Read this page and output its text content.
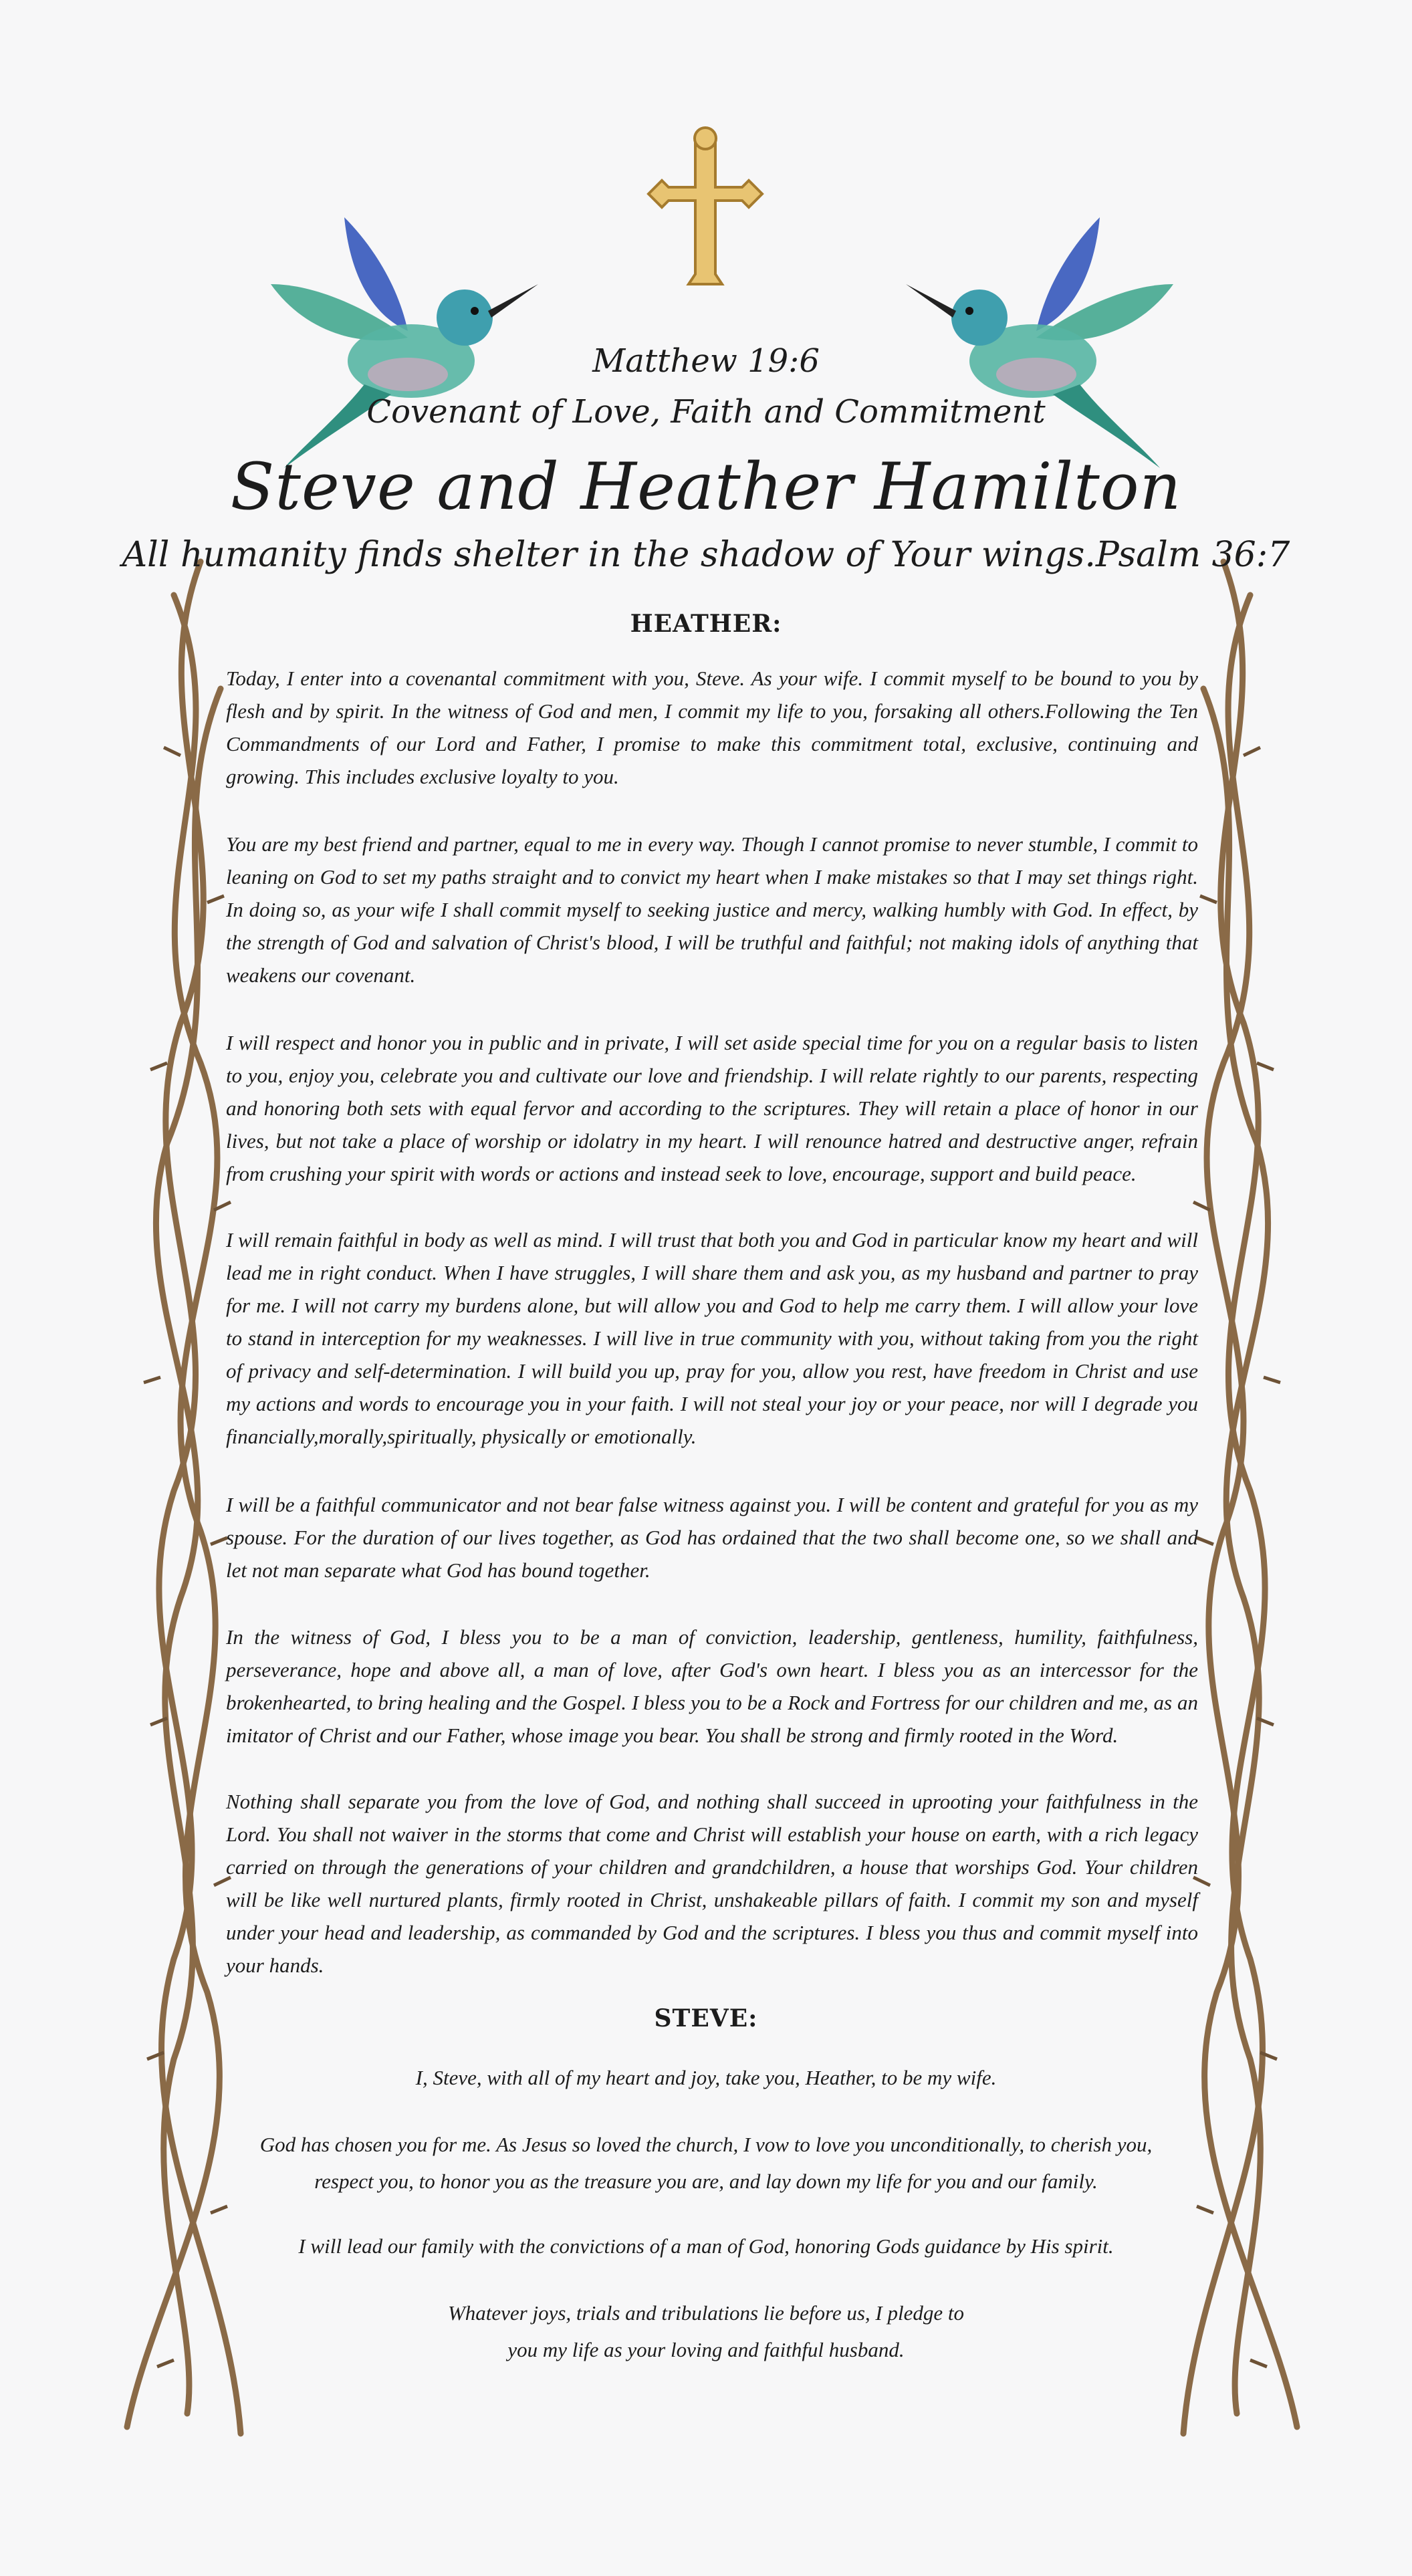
Matthew 19:6
Covenant of Love, Faith and Commitment
Steve and Heather Hamilton
All humanity finds shelter in the shadow of Your wings.Psalm 36:7
HEATHER:

Today, I enter into a covenantal commitment with you, Steve. As your wife. I commit myself to be bound to you by flesh and by spirit. In the witness of God and men, I commit my life to you, forsaking all others.Following the Ten Commandments of our Lord and Father, I promise to make this commitment total, exclusive, continuing and growing. This includes exclusive loyalty to you.

You are my best friend and partner, equal to me in every way. Though I cannot promise to never stumble, I commit to leaning on God to set my paths straight and to convict my heart when I make mistakes so that I may set things right. In doing so, as your wife I shall commit myself to seeking justice and mercy, walking humbly with God. In effect, by the strength of God and salvation of Christ's blood, I will be truthful and faithful; not making idols of anything that weakens our covenant.

I will respect and honor you in public and in private, I will set aside special time for you on a regular basis to listen to you, enjoy you, celebrate you and cultivate our love and friendship. I will relate rightly to our parents, respecting and honoring both sets with equal fervor and according to the scriptures. They will retain a place of honor in our lives, but not take a place of worship or idolatry in my heart. I will renounce hatred and destructive anger, refrain from crushing your spirit with words or actions and instead seek to love, encourage, support and build peace.

I will remain faithful in body as well as mind. I will trust that both you and God in particular know my heart and will lead me in right conduct. When I have struggles, I will share them and ask you, as my husband and partner to pray for me. I will not carry my burdens alone, but will allow you and God to help me carry them. I will allow your love to stand in interception for my weaknesses. I will live in true community with you, without taking from you the right of privacy and self-determination. I will build you up, pray for you, allow you rest, have freedom in Christ and use my actions and words to encourage you in your faith. I will not steal your joy or your peace, nor will I degrade you financially,morally,spiritually, physically or emotionally.

I will be a faithful communicator and not bear false witness against you. I will be content and grateful for you as my spouse. For the duration of our lives together, as God has ordained that the two shall become one, so we shall and let not man separate what God has bound together.

In the witness of God, I bless you to be a man of conviction, leadership, gentleness, humility, faithfulness, perseverance, hope and above all, a man of love, after God's own heart. I bless you as an intercessor for the brokenhearted, to bring healing and the Gospel. I bless you to be a Rock and Fortress for our children and me, as an imitator of Christ and our Father, whose image you bear. You shall be strong and firmly rooted in the Word.

Nothing shall separate you from the love of God, and nothing shall succeed in uprooting your faithfulness in the Lord. You shall not waiver in the storms that come and Christ will establish your house on earth, with a rich legacy carried on through the generations of your children and grandchildren, a house that worships God. Your children will be like well nurtured plants, firmly rooted in Christ, unshakeable pillars of faith. I commit my son and myself under your head and leadership, as commanded by God and the scriptures. I bless you thus and commit myself into your hands.

STEVE:

I, Steve, with all of my heart and joy, take you, Heather, to be my wife.

God has chosen you for me. As Jesus so loved the church, I vow to love you unconditionally, to cherish you, respect you, to honor you as the treasure you are, and lay down my life for you and our family.

I will lead our family with the convictions of a man of God, honoring Gods guidance by His spirit.

Whatever joys, trials and tribulations lie before us, I pledge to you my life as your loving and faithful husband.
